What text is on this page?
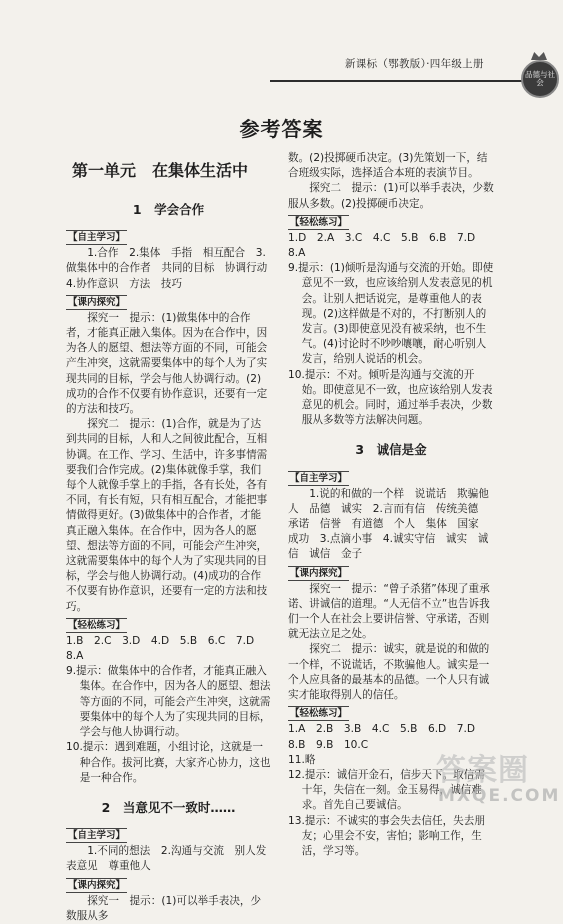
新课标（鄂教版）·四年级上册
品德与社会
参考答案
第一单元　在集体生活中
1　学会合作
【自主学习】

1.合作　2.集体　手指　相互配合　3.做集体中的合作者　共同的目标　协调行动　4.协作意识　方法　技巧
【课内探究】

探究一　提示：(1)做集体中的合作者，才能真正融入集体。因为在合作中，因为各人的愿望、想法等方面的不同，可能会产生冲突，这就需要集体中的每个人为了实现共同的目标，学会与他人协调行动。(2)成功的合作不仅要有协作意识，还要有一定的方法和技巧。
探究二　提示：(1)合作，就是为了达到共同的目标，人和人之间彼此配合，互相协调。在工作、学习、生活中，许多事情需要我们合作完成。(2)集体就像手掌，我们每个人就像手掌上的手指，各有长处，各有不同，有长有短，只有相互配合，才能把事情做得更好。(3)做集体中的合作者，才能真正融入集体。在合作中，因为各人的愿望、想法等方面的不同，可能会产生冲突，这就需要集体中的每个人为了实现共同的目标，学会与他人协调行动。(4)成功的合作不仅要有协作意识，还要有一定的方法和技巧。
【轻松练习】

1.B　2.C　3.D　4.D　5.B　6.C　7.D　8.A
9.提示：做集体中的合作者，才能真正融入集体。在合作中，因为各人的愿望、想法等方面的不同，可能会产生冲突，这就需要集体中的每个人为了实现共同的目标，学会与他人协调行动。
10.提示：遇到难题，小组讨论，这就是一种合作。拔河比赛，大家齐心协力，这也是一种合作。
2　当意见不一致时……
【自主学习】

1.不同的想法　2.沟通与交流　别人发表意见　尊重他人
【课内探究】

探究一　提示：(1)可以举手表决，少数服从多
数。(2)投掷硬币决定。(3)先策划一下，结合班级实际，选择适合本班的表演节目。
探究二　提示：(1)可以举手表决，少数服从多数。(2)投掷硬币决定。
【轻松练习】

1.D　2.A　3.C　4.C　5.B　6.B　7.D　8.A
9.提示：(1)倾听是沟通与交流的开始。即使意见不一致，也应该给别人发表意见的机会。让别人把话说完，是尊重他人的表现。(2)这样做是不对的，不打断别人的发言。(3)即使意见没有被采纳，也不生气。(4)讨论时不吵吵嚷嚷，耐心听别人发言，给别人说话的机会。
10.提示：不对。倾听是沟通与交流的开始。即使意见不一致，也应该给别人发表意见的机会。同时，通过举手表决，少数服从多数等方法解决问题。
3　诚信是金
【自主学习】

1.说的和做的一个样　说谎话　欺骗他人　品德　诚实　2.言而有信　传统美德　承诺　信誉　有道德　个人　集体　国家　成功　3.点滴小事　4.诚实守信　诚实　诚信　诚信　金子
【课内探究】

探究一　提示：“曾子杀猪”体现了重承诺、讲诚信的道理。“人无信不立”也告诉我们一个人在社会上要讲信誉、守承诺，否则就无法立足之处。
探究二　提示：诚实，就是说的和做的一个样，不说谎话，不欺骗他人。诚实是一个人应具备的最基本的品德。一个人只有诚实才能取得别人的信任。
【轻松练习】

1.A　2.B　3.B　4.C　5.B　6.D　7.D　8.B　9.B　10.C
11.略
12.提示：诚信开金石，信步天下。取信需十年，失信在一刻。金玉易得，诚信难求。首先自己要诚信。
13.提示：不诚实的事会失去信任，失去朋友；心里会不安，害怕；影响工作，生活，学习等。
答案圈
MXQE.COM
